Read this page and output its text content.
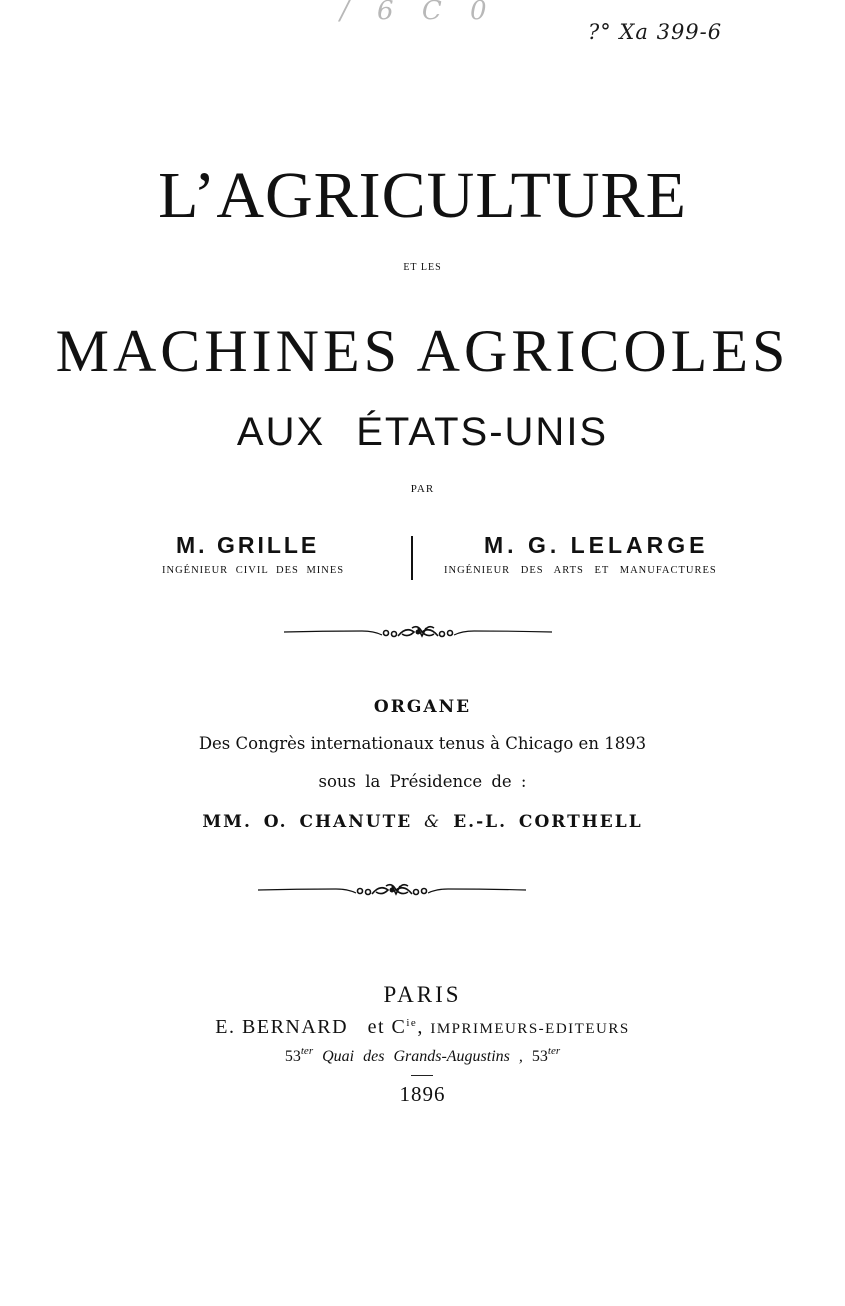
/ 6 C 0
?° Xa 399-6
L’AGRICULTURE
ET LES
MACHINES AGRICOLES
AUX ÉTATS-UNIS
PAR
M. GRILLE
INGÉNIEUR CIVIL DES MINES
M. G. LELARGE
INGÉNIEUR DES ARTS ET MANUFACTURES
ORGANE
Des Congrès internationaux tenus à Chicago en 1893
sous la Présidence de :
MM. O. CHANUTE & E.-L. CORTHELL
PARIS
E. BERNARD et $C^{ie}$, IMPRIMEURS-EDITEURS
$53^{ter}$ Quai des Grands-Augustins , $53^{ter}$
1896
